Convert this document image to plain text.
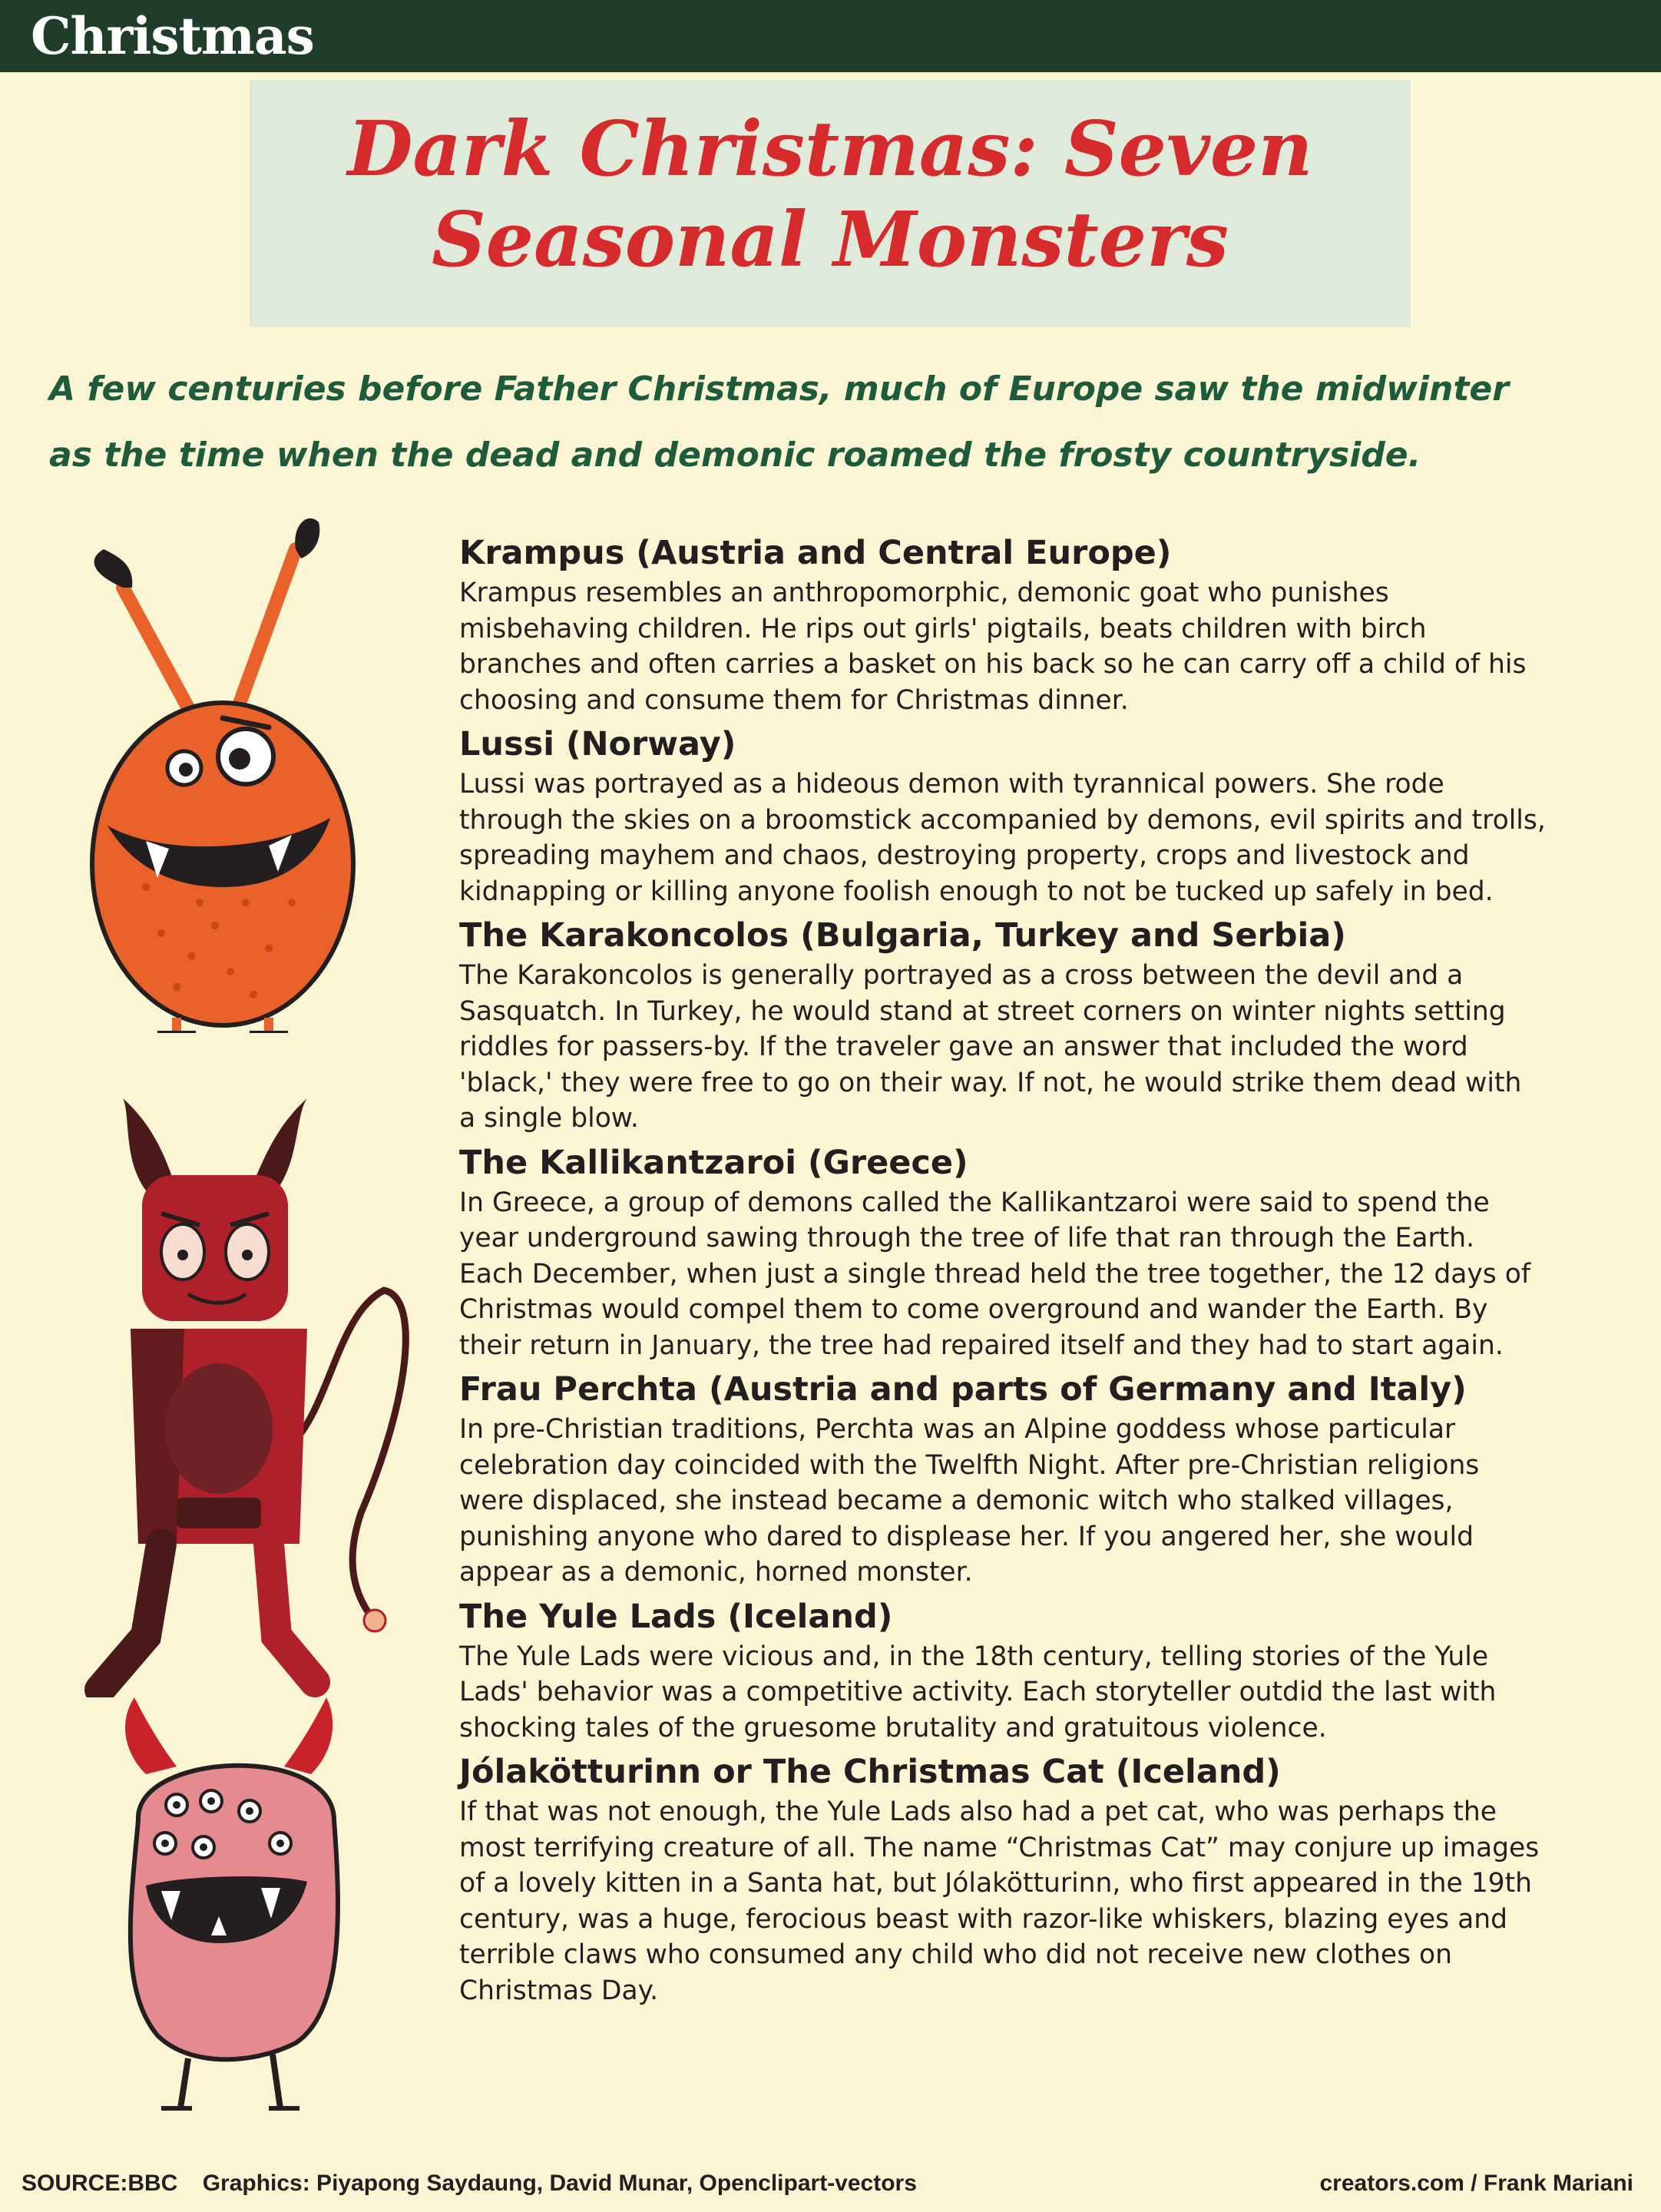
Christmas
Dark Christmas: Seven
Seasonal Monsters
A few centuries before Father Christmas, much of Europe saw the midwinter
as the time when the dead and demonic roamed the frosty countryside.
Krampus (Austria and Central Europe)

Krampus resembles an anthropomorphic, demonic goat who punishes
misbehaving children. He rips out girls' pigtails, beats children with birch
branches and often carries a basket on his back so he can carry off a child of his
choosing and consume them for Christmas dinner.

Lussi (Norway)

Lussi was portrayed as a hideous demon with tyrannical powers. She rode
through the skies on a broomstick accompanied by demons, evil spirits and trolls,
spreading mayhem and chaos, destroying property, crops and livestock and
kidnapping or killing anyone foolish enough to not be tucked up safely in bed.

The Karakoncolos (Bulgaria, Turkey and Serbia)

The Karakoncolos is generally portrayed as a cross between the devil and a
Sasquatch. In Turkey, he would stand at street corners on winter nights setting
riddles for passers-by. If the traveler gave an answer that included the word
'black,' they were free to go on their way. If not, he would strike them dead with
a single blow.

The Kallikantzaroi (Greece)

In Greece, a group of demons called the Kallikantzaroi were said to spend the
year underground sawing through the tree of life that ran through the Earth.
Each December, when just a single thread held the tree together, the 12 days of
Christmas would compel them to come overground and wander the Earth. By
their return in January, the tree had repaired itself and they had to start again.

Frau Perchta (Austria and parts of Germany and Italy)

In pre-Christian traditions, Perchta was an Alpine goddess whose particular
celebration day coincided with the Twelfth Night. After pre-Christian religions
were displaced, she instead became a demonic witch who stalked villages,
punishing anyone who dared to displease her. If you angered her, she would
appear as a demonic, horned monster.

The Yule Lads (Iceland)

The Yule Lads were vicious and, in the 18th century, telling stories of the Yule
Lads' behavior was a competitive activity. Each storyteller outdid the last with
shocking tales of the gruesome brutality and gratuitous violence.

Jólakötturinn or The Christmas Cat (Iceland)

If that was not enough, the Yule Lads also had a pet cat, who was perhaps the
most terrifying creature of all. The name “Christmas Cat” may conjure up images
of a lovely kitten in a Santa hat, but Jólakötturinn, who first appeared in the 19th
century, was a huge, ferocious beast with razor-like whiskers, blazing eyes and
terrible claws who consumed any child who did not receive new clothes on
Christmas Day.

SOURCE:BBC Graphics: Piyapong Saydaung, David Munar, Openclipart-vectors	creators.com / Frank Mariani
